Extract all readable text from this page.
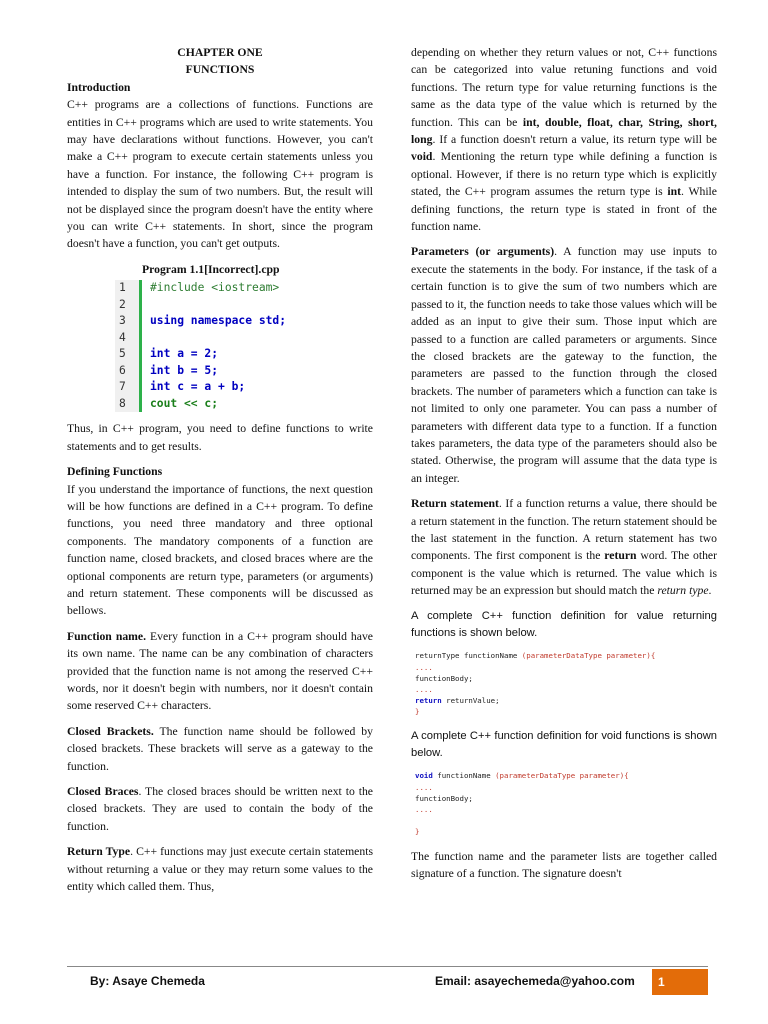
CHAPTER ONE
FUNCTIONS
Introduction

C++ programs are a collections of functions. Functions are entities in C++ programs which are used to write statements. You may have declarations without functions. However, you can't make a C++ program to execute certain statements unless you have a function. For instance, the following C++ program is intended to display the sum of two numbers. But, the result will not be displayed since the program doesn't have the entity where you can write C++ statements. In short, since the program doesn't have a function, you can't get outputs.

Program 1.1[Incorrect].cpp
1	#include <iostream>
2
3	using namespace std;
4
5	int a = 2;
6	int b = 5;
7	int c = a + b;
8	cout << c;

Thus, in C++ program, you need to define functions to write statements and to get results.

Defining Functions

If you understand the importance of functions, the next question will be how functions are defined in a C++ program. To define functions, you need three mandatory and three optional components. The mandatory components of a function are function name, closed brackets, and closed braces where are the optional components are return type, parameters (or arguments) and return statement. These components will be discussed as bellows.

Function name. Every function in a C++ program should have its own name. The name can be any combination of characters provided that the function name is not among the reserved C++ words, nor it doesn't begin with numbers, nor it doesn't contain some reserved C++ characters.

Closed Brackets. The function name should be followed by closed brackets. These brackets will serve as a gateway to the function.

Closed Braces. The closed braces should be written next to the closed brackets. They are used to contain the body of the function.

Return Type. C++ functions may just execute certain statements without returning a value or they may return some values to the entity which called them. Thus,

depending on whether they return values or not, C++ functions can be categorized into value retuning functions and void functions. The return type for value returning functions is the same as the data type of the value which is returned by the function. This can be int, double, float, char, String, short, long. If a function doesn't return a value, its return type will be void. Mentioning the return type while defining a function is optional. However, if there is no return type which is explicitly stated, the C++ program assumes the return type is int. While defining functions, the return type is stated in front of the function name.

Parameters (or arguments). A function may use inputs to execute the statements in the body. For instance, if the task of a certain function is to give the sum of two numbers which are passed to it, the function needs to take those values which will be added as an input to give their sum. Those input which are passed to a function are called parameters or arguments. Since the closed brackets are the gateway to the function, the parameters are passed to the function through the closed brackets. The number of parameters which a function can take is not limited to only one parameter. You can pass a number of parameters with different data type to a function. If a function takes parameters, the data type of the parameters should also be stated. Otherwise, the program will assume that the data type is an integer.

Return statement. If a function returns a value, there should be a return statement in the function. The return statement should be the last statement in the function. A return statement has two components. The first component is the return word. The other component is the value which is returned. The value which is returned may be an expression but should match the return type.

A complete C++ function definition for value returning functions is shown below.

returnType functionName (parameterDataType parameter){
....
functionBody;
....
return returnValue;
}

A complete C++ function definition for void functions is shown below.

void functionName (parameterDataType parameter){
....
functionBody;
....

}

The function name and the parameter lists are together called signature of a function. The signature doesn't

By: Asaye Chemeda	Email: asayechemeda@yahoo.com	1
